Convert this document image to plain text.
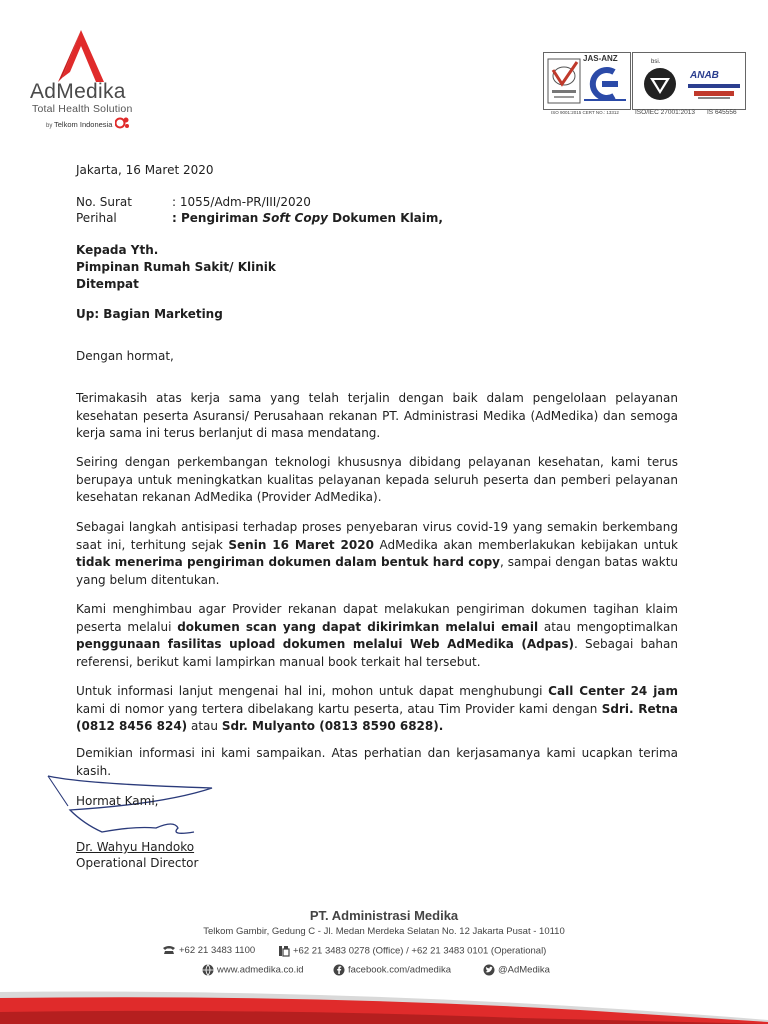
AdMedika
Total Health Solution
by Telkom Indonesia
JAS-ANZ	bsi.
ANAB
ISO 9001:2015 CERT NO.: 13312 ISO/IEC 27001:2013 IS 645556
Jakarta, 16 Maret 2020
No. Surat	: 1055/Adm-PR/III/2020
Perihal	: Pengiriman Soft Copy Dokumen Klaim,
Kepada Yth.
Pimpinan Rumah Sakit/ Klinik
Ditempat
Up: Bagian Marketing
Dengan hormat,
Terimakasih atas kerja sama yang telah terjalin dengan baik dalam pengelolaan pelayanan kesehatan peserta Asuransi/ Perusahaan rekanan PT. Administrasi Medika (AdMedika) dan semoga kerja sama ini terus berlanjut di masa mendatang.
Seiring dengan perkembangan teknologi khususnya dibidang pelayanan kesehatan, kami terus berupaya untuk meningkatkan kualitas pelayanan kepada seluruh peserta dan pemberi pelayanan kesehatan rekanan AdMedika (Provider AdMedika).
Sebagai langkah antisipasi terhadap proses penyebaran virus covid-19 yang semakin berkembang saat ini, terhitung sejak Senin 16 Maret 2020 AdMedika akan memberlakukan kebijakan untuk tidak menerima pengiriman dokumen dalam bentuk hard copy, sampai dengan batas waktu yang belum ditentukan.
Kami menghimbau agar Provider rekanan dapat melakukan pengiriman dokumen tagihan klaim peserta melalui dokumen scan yang dapat dikirimkan melalui email atau mengoptimalkan penggunaan fasilitas upload dokumen melalui Web AdMedika (Adpas). Sebagai bahan referensi, berikut kami lampirkan manual book terkait hal tersebut.
Untuk informasi lanjut mengenai hal ini, mohon untuk dapat menghubungi Call Center 24 jam kami di nomor yang tertera dibelakang kartu peserta, atau Tim Provider kami dengan Sdri. Retna (0812 8456 824) atau Sdr. Mulyanto (0813 8590 6828).
Demikian informasi ini kami sampaikan. Atas perhatian dan kerjasamanya kami ucapkan terima kasih.
Hormat Kami,
Dr. Wahyu Handoko
Operational Director
PT. Administrasi Medika
Telkom Gambir, Gedung C - Jl. Medan Merdeka Selatan No. 12 Jakarta Pusat - 10110
+62 21 3483 1100	+62 21 3483 0278 (Office) / +62 21 3483 0101 (Operational)
www.admedika.co.id	facebook.com/admedika	@AdMedika
